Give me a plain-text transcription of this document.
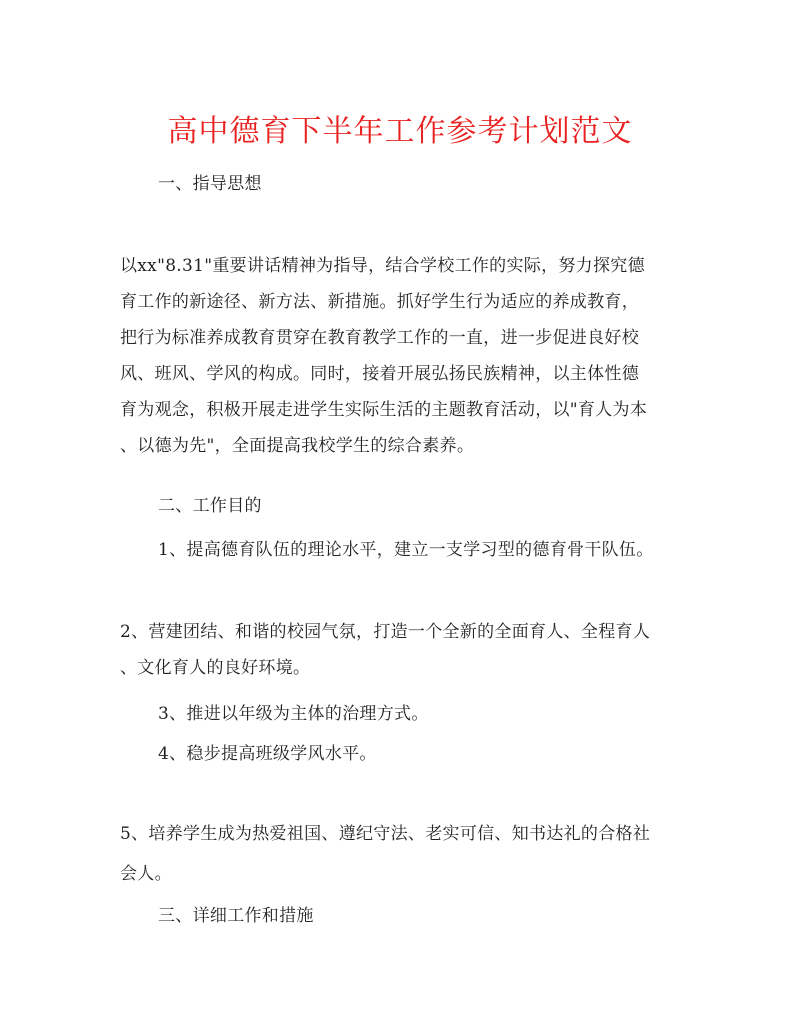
高中德育下半年工作参考计划范文
一、指导思想
以xx"8.31"重要讲话精神为指导，结合学校工作的实际，努力探究德
育工作的新途径、新方法、新措施。抓好学生行为适应的养成教育，
把行为标准养成教育贯穿在教育教学工作的一直，进一步促进良好校
风、班风、学风的构成。同时，接着开展弘扬民族精神，以主体性德
育为观念，积极开展走进学生实际生活的主题教育活动，以"育人为本
、以德为先"，全面提高我校学生的综合素养。
二、工作目的
1、提高德育队伍的理论水平，建立一支学习型的德育骨干队伍。
2、营建团结、和谐的校园气氛，打造一个全新的全面育人、全程育人
、文化育人的良好环境。
3、推进以年级为主体的治理方式。
4、稳步提高班级学风水平。
5、培养学生成为热爱祖国、遵纪守法、老实可信、知书达礼的合格社
会人。
三、详细工作和措施
